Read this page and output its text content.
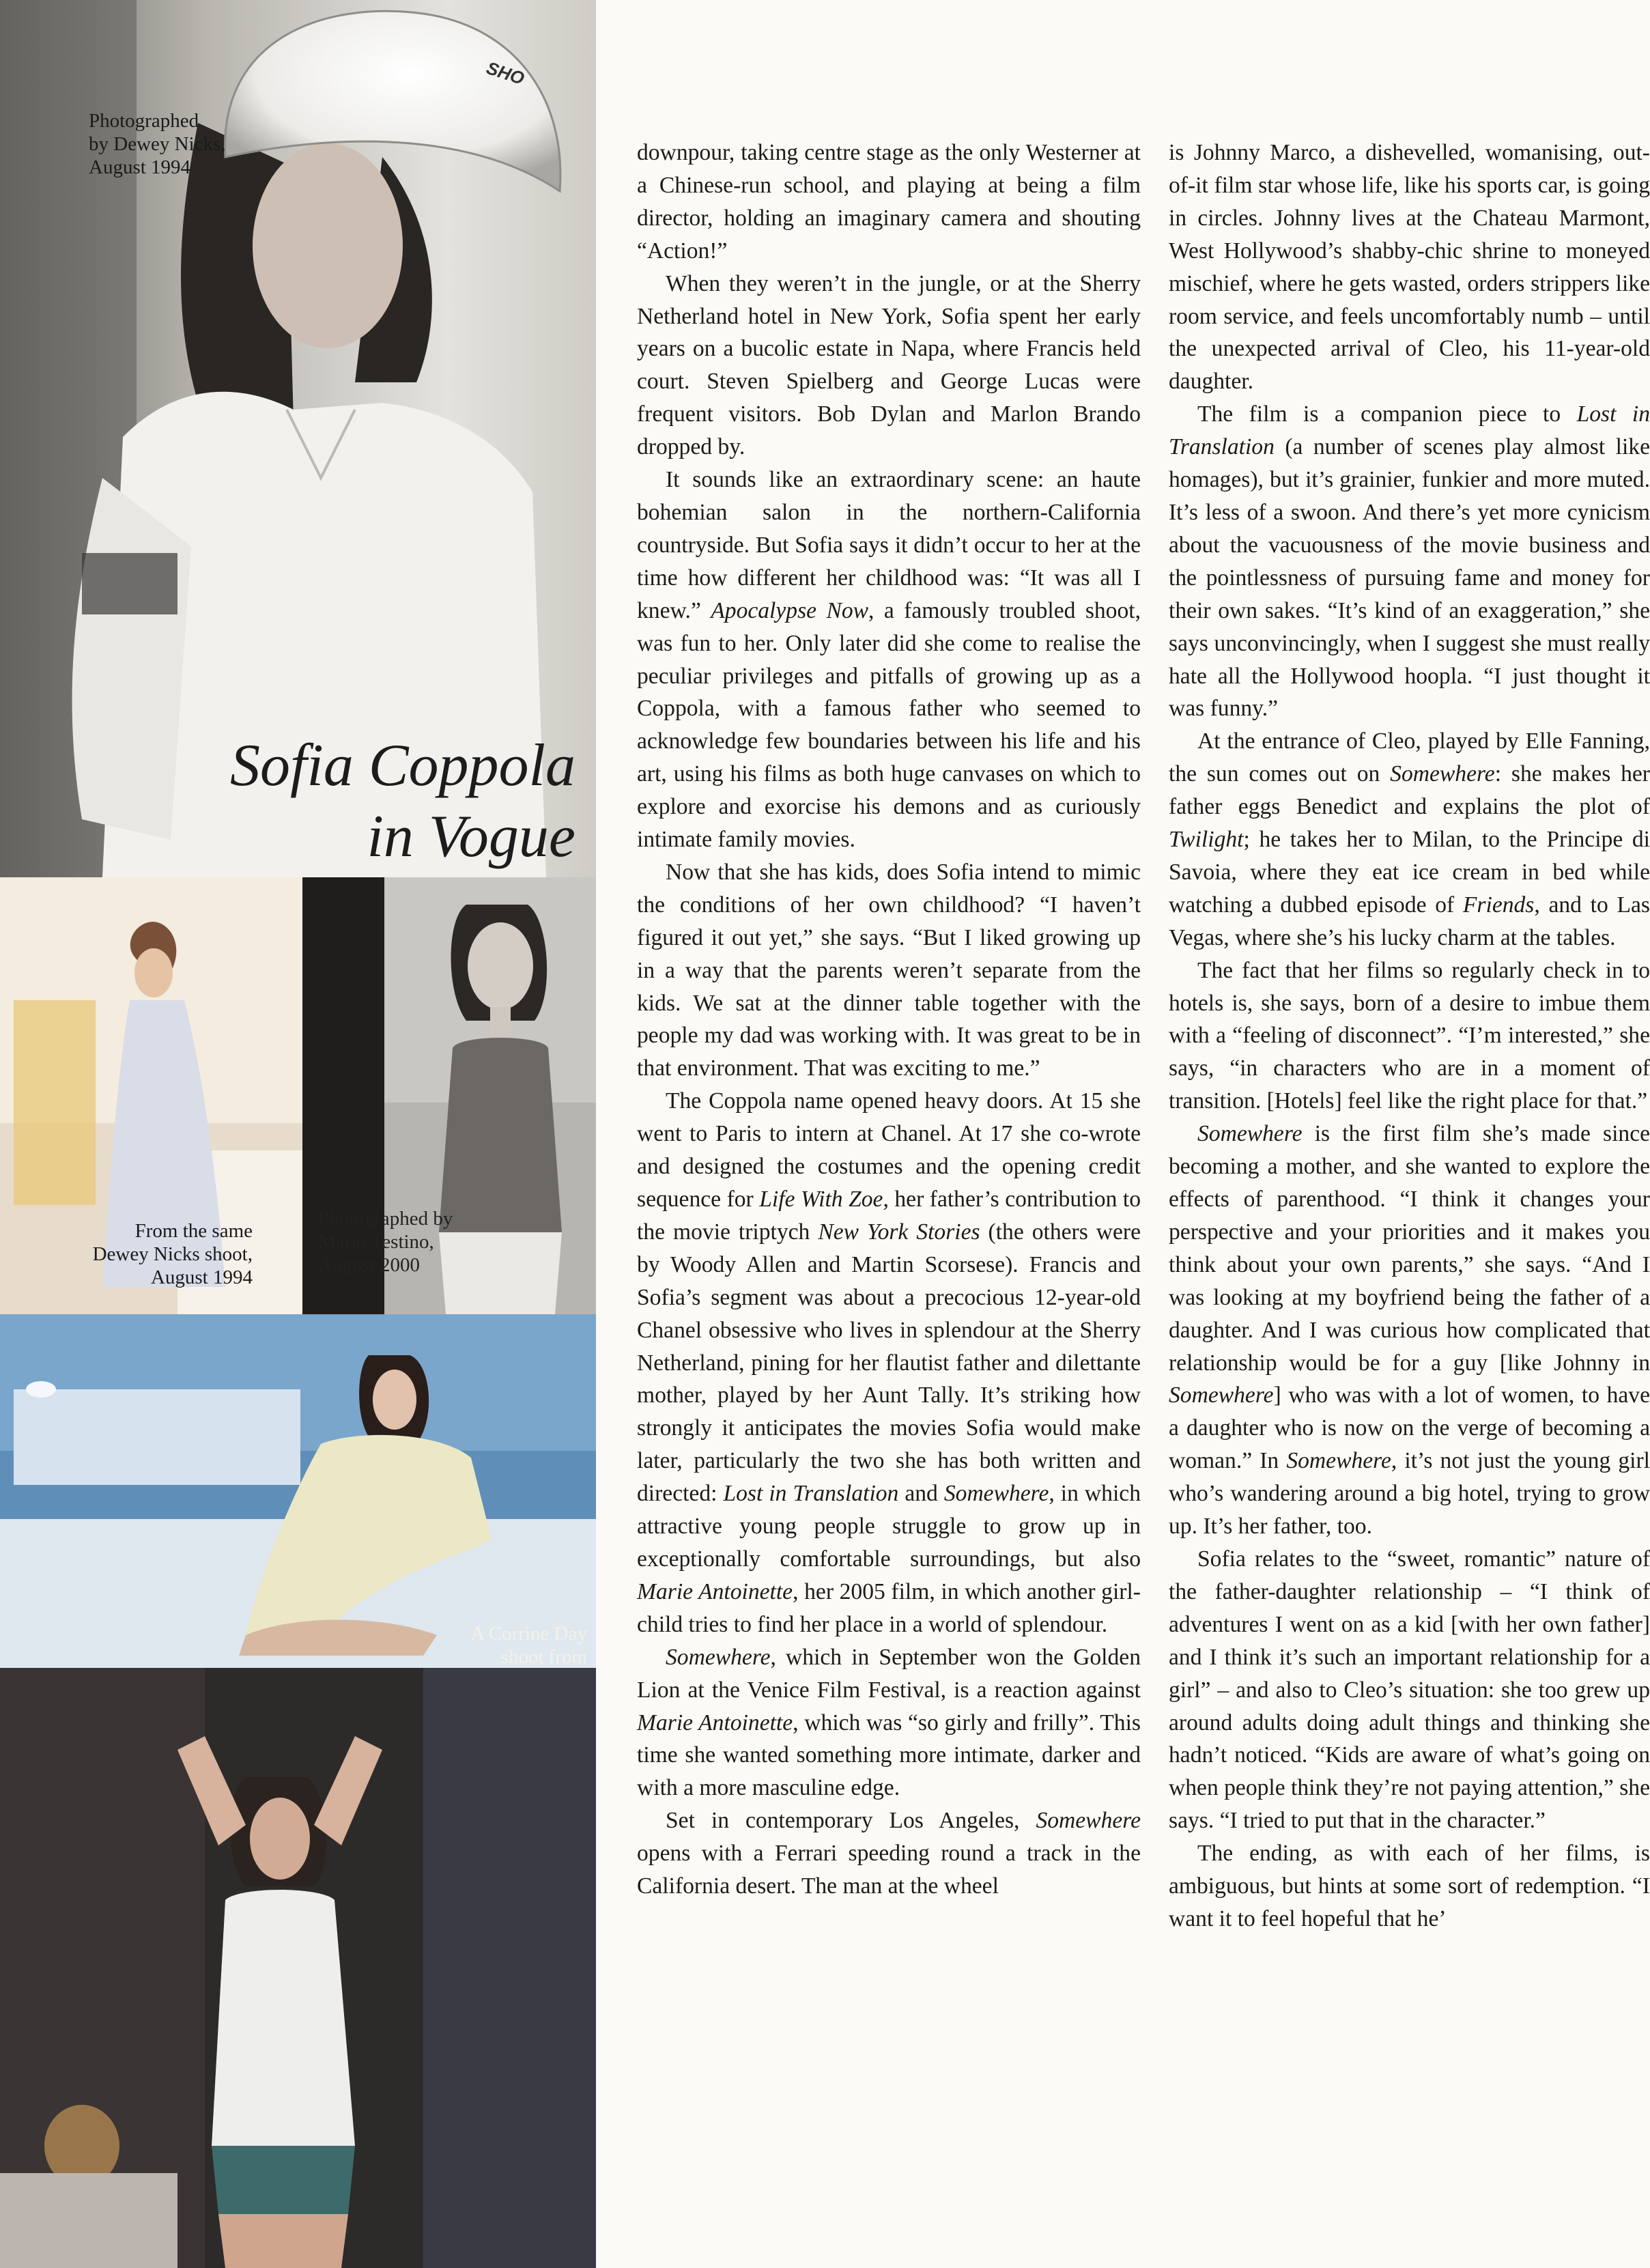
SHO
Photographed
by Dewey Nicks,
August 1994
Sofia Coppola
in Vogue
From the same
Dewey Nicks shoot,
August 1994
Photographed by
Mario Testino,
August 2000
A Corrine Day
shoot from

downpour, taking centre stage as the only Westerner at a Chinese-run school, and playing at being a film director, holding an imaginary camera and shouting “Action!”

When they weren’t in the jungle, or at the Sherry Netherland hotel in New York, Sofia spent her early years on a bucolic estate in Napa, where Francis held court. Steven Spielberg and George Lucas were frequent visitors. Bob Dylan and Marlon Brando dropped by.

It sounds like an extraordinary scene: an haute bohemian salon in the northern-California countryside. But Sofia says it didn’t occur to her at the time how different her childhood was: “It was all I knew.” Apocalypse Now, a famously troubled shoot, was fun to her. Only later did she come to realise the peculiar privileges and pitfalls of growing up as a Coppola, with a famous father who seemed to acknowledge few boundaries between his life and his art, using his films as both huge canvases on which to explore and exorcise his demons and as curiously intimate family movies.

Now that she has kids, does Sofia intend to mimic the conditions of her own childhood? “I haven’t figured it out yet,” she says. “But I liked growing up in a way that the parents weren’t separate from the kids. We sat at the dinner table together with the people my dad was working with. It was great to be in that environment. That was exciting to me.”

The Coppola name opened heavy doors. At 15 she went to Paris to intern at Chanel. At 17 she co-wrote and designed the costumes and the opening credit sequence for Life With Zoe, her father’s contribution to the movie triptych New York Stories (the others were by Woody Allen and Martin Scorsese). Francis and Sofia’s segment was about a precocious 12-year-old Chanel obsessive who lives in splendour at the Sherry Netherland, pining for her flautist father and dilettante mother, played by her Aunt Tally. It’s striking how strongly it anticipates the movies Sofia would make later, particularly the two she has both written and directed: Lost in Translation and Somewhere, in which attractive young people struggle to grow up in exceptionally comfortable surroundings, but also Marie Antoinette, her 2005 film, in which another girl-child tries to find her place in a world of splendour.

Somewhere, which in September won the Golden Lion at the Venice Film Festival, is a reaction against Marie Antoinette, which was “so girly and frilly”. This time she wanted something more intimate, darker and with a more masculine edge.

Set in contemporary Los Angeles, Somewhere opens with a Ferrari speeding round a track in the California desert. The man at the wheel

is Johnny Marco, a dishevelled, womanising, out-of-it film star whose life, like his sports car, is going in circles. Johnny lives at the Chateau Marmont, West Hollywood’s shabby-chic shrine to moneyed mischief, where he gets wasted, orders strippers like room service, and feels uncomfortably numb – until the unexpected arrival of Cleo, his 11-year-old daughter.

The film is a companion piece to Lost in Translation (a number of scenes play almost like homages), but it’s grainier, funkier and more muted. It’s less of a swoon. And there’s yet more cynicism about the vacuousness of the movie business and the pointlessness of pursuing fame and money for their own sakes. “It’s kind of an exaggeration,” she says unconvincingly, when I suggest she must really hate all the Hollywood hoopla. “I just thought it was funny.”

At the entrance of Cleo, played by Elle Fanning, the sun comes out on Somewhere: she makes her father eggs Benedict and explains the plot of Twilight; he takes her to Milan, to the Principe di Savoia, where they eat ice cream in bed while watching a dubbed episode of Friends, and to Las Vegas, where she’s his lucky charm at the tables.

The fact that her films so regularly check in to hotels is, she says, born of a desire to imbue them with a “feeling of disconnect”. “I’m interested,” she says, “in characters who are in a moment of transition. [Hotels] feel like the right place for that.”

Somewhere is the first film she’s made since becoming a mother, and she wanted to explore the effects of parenthood. “I think it changes your perspective and your priorities and it makes you think about your own parents,” she says. “And I was looking at my boyfriend being the father of a daughter. And I was curious how complicated that relationship would be for a guy [like Johnny in Somewhere] who was with a lot of women, to have a daughter who is now on the verge of becoming a woman.” In Somewhere, it’s not just the young girl who’s wandering around a big hotel, trying to grow up. It’s her father, too.

Sofia relates to the “sweet, romantic” nature of the father-daughter relationship – “I think of adventures I went on as a kid [with her own father] and I think it’s such an important relationship for a girl” – and also to Cleo’s situation: she too grew up around adults doing adult things and thinking she hadn’t noticed. “Kids are aware of what’s going on when people think they’re not paying attention,” she says. “I tried to put that in the character.”

The ending, as with each of her films, is ambiguous, but hints at some sort of redemption. “I want it to feel hopeful that he’
